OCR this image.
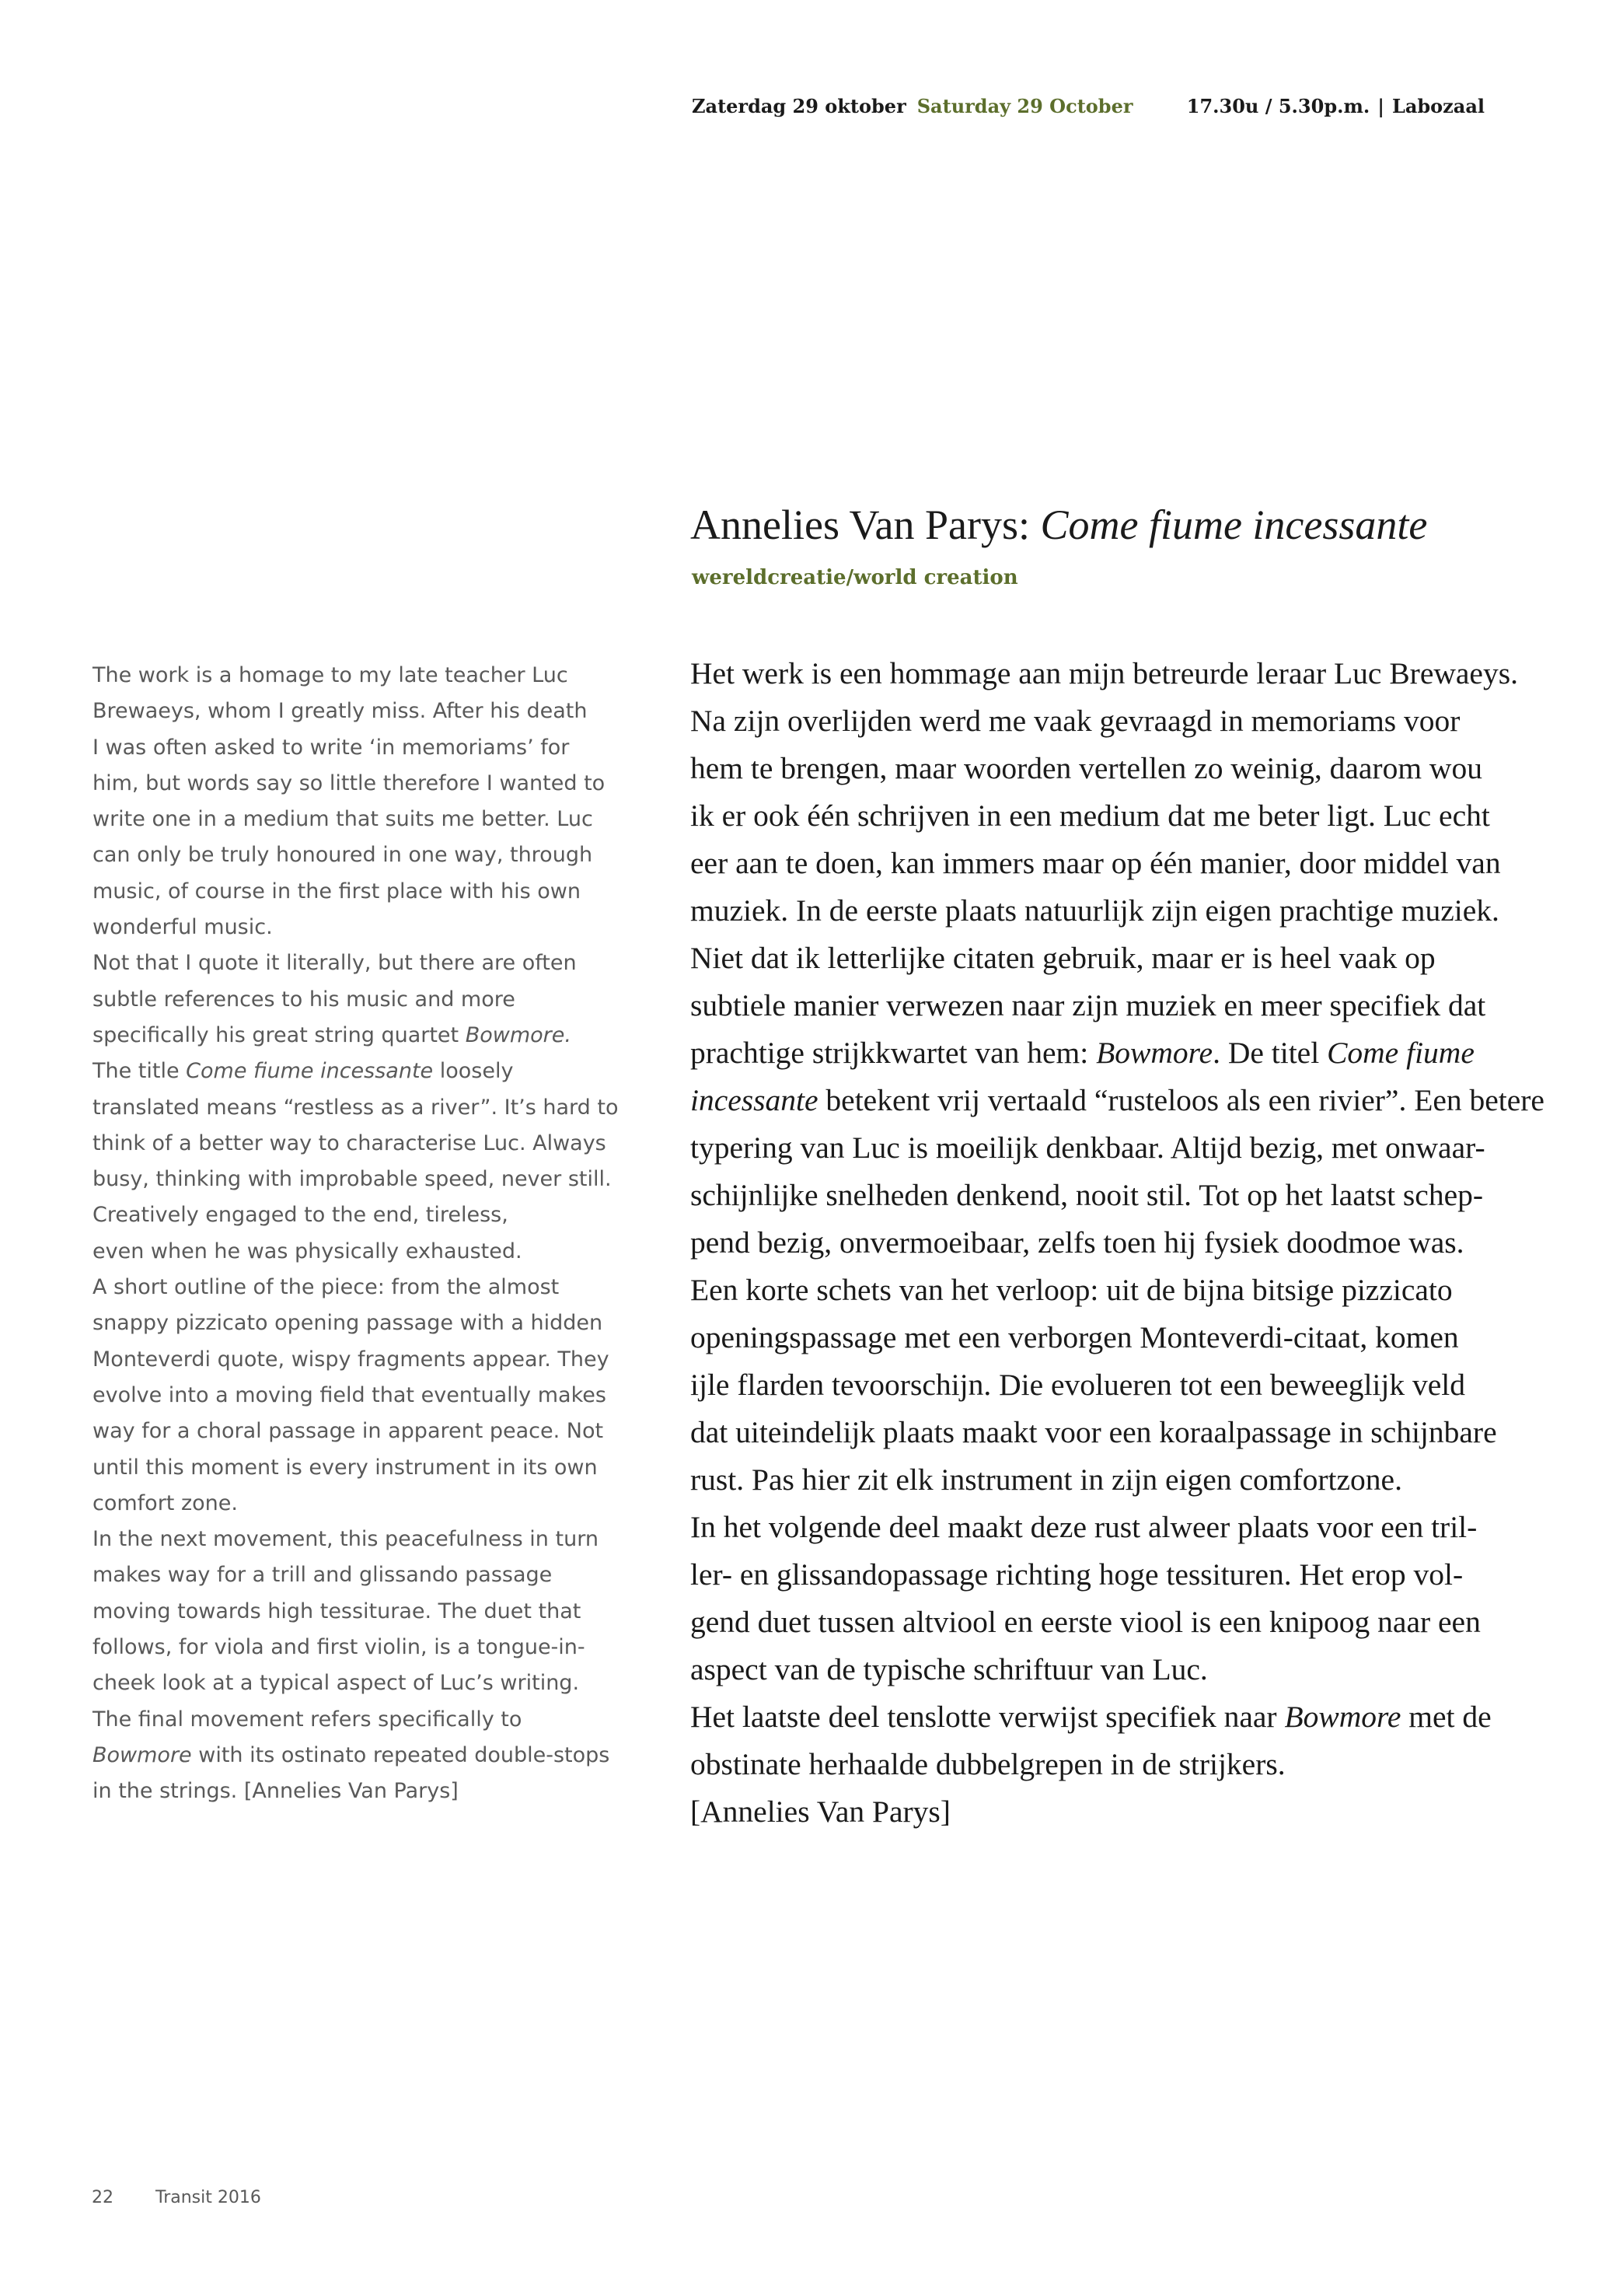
Zaterdag 29 oktober Saturday 29 October	17.30u / 5.30p.m. | Labozaal
Annelies Van Parys: Come fiume incessante
wereldcreatie/world creation
The work is a homage to my late teacher Luc
Brewaeys, whom I greatly miss. After his death
I was often asked to write ‘in memoriams’ for
him, but words say so little therefore I wanted to
write one in a medium that suits me better. Luc
can only be truly honoured in one way, through
music, of course in the first place with his own
wonderful music.
Not that I quote it literally, but there are often
subtle references to his music and more
specifically his great string quartet Bowmore.
The title Come fiume incessante loosely
translated means “restless as a river”. It’s hard to
think of a better way to characterise Luc. Always
busy, thinking with improbable speed, never still.
Creatively engaged to the end, tireless,
even when he was physically exhausted.
A short outline of the piece: from the almost
snappy pizzicato opening passage with a hidden
Monteverdi quote, wispy fragments appear. They
evolve into a moving field that eventually makes
way for a choral passage in apparent peace. Not
until this moment is every instrument in its own
comfort zone.
In the next movement, this peacefulness in turn
makes way for a trill and glissando passage
moving towards high tessiturae. The duet that
follows, for viola and first violin, is a tongue-in-
cheek look at a typical aspect of Luc’s writing.
The final movement refers specifically to
Bowmore with its ostinato repeated double-stops
in the strings. [Annelies Van Parys]
Het werk is een hommage aan mijn betreurde leraar Luc Brewaeys.
Na zijn overlijden werd me vaak gevraagd in memoriams voor
hem te brengen, maar woorden vertellen zo weinig, daarom wou
ik er ook één schrijven in een medium dat me beter ligt. Luc echt
eer aan te doen, kan immers maar op één manier, door middel van
muziek. In de eerste plaats natuurlijk zijn eigen prachtige muziek.
Niet dat ik letterlijke citaten gebruik, maar er is heel vaak op
subtiele manier verwezen naar zijn muziek en meer specifiek dat
prachtige strijkkwartet van hem: Bowmore. De titel Come fiume
incessante betekent vrij vertaald “rusteloos als een rivier”. Een betere
typering van Luc is moeilijk denkbaar. Altijd bezig, met onwaar-
schijnlijke snelheden denkend, nooit stil. Tot op het laatst schep-
pend bezig, onvermoeibaar, zelfs toen hij fysiek doodmoe was.
Een korte schets van het verloop: uit de bijna bitsige pizzicato
openingspassage met een verborgen Monteverdi-citaat, komen
ijle flarden tevoorschijn. Die evolueren tot een beweeglijk veld
dat uiteindelijk plaats maakt voor een koraalpassage in schijnbare
rust. Pas hier zit elk instrument in zijn eigen comfortzone.
In het volgende deel maakt deze rust alweer plaats voor een tril-
ler- en glissandopassage richting hoge tessituren. Het erop vol-
gend duet tussen altviool en eerste viool is een knipoog naar een
aspect van de typische schriftuur van Luc.
Het laatste deel tenslotte verwijst specifiek naar Bowmore met de
obstinate herhaalde dubbelgrepen in de strijkers.
[Annelies Van Parys]
22 Transit 2016
